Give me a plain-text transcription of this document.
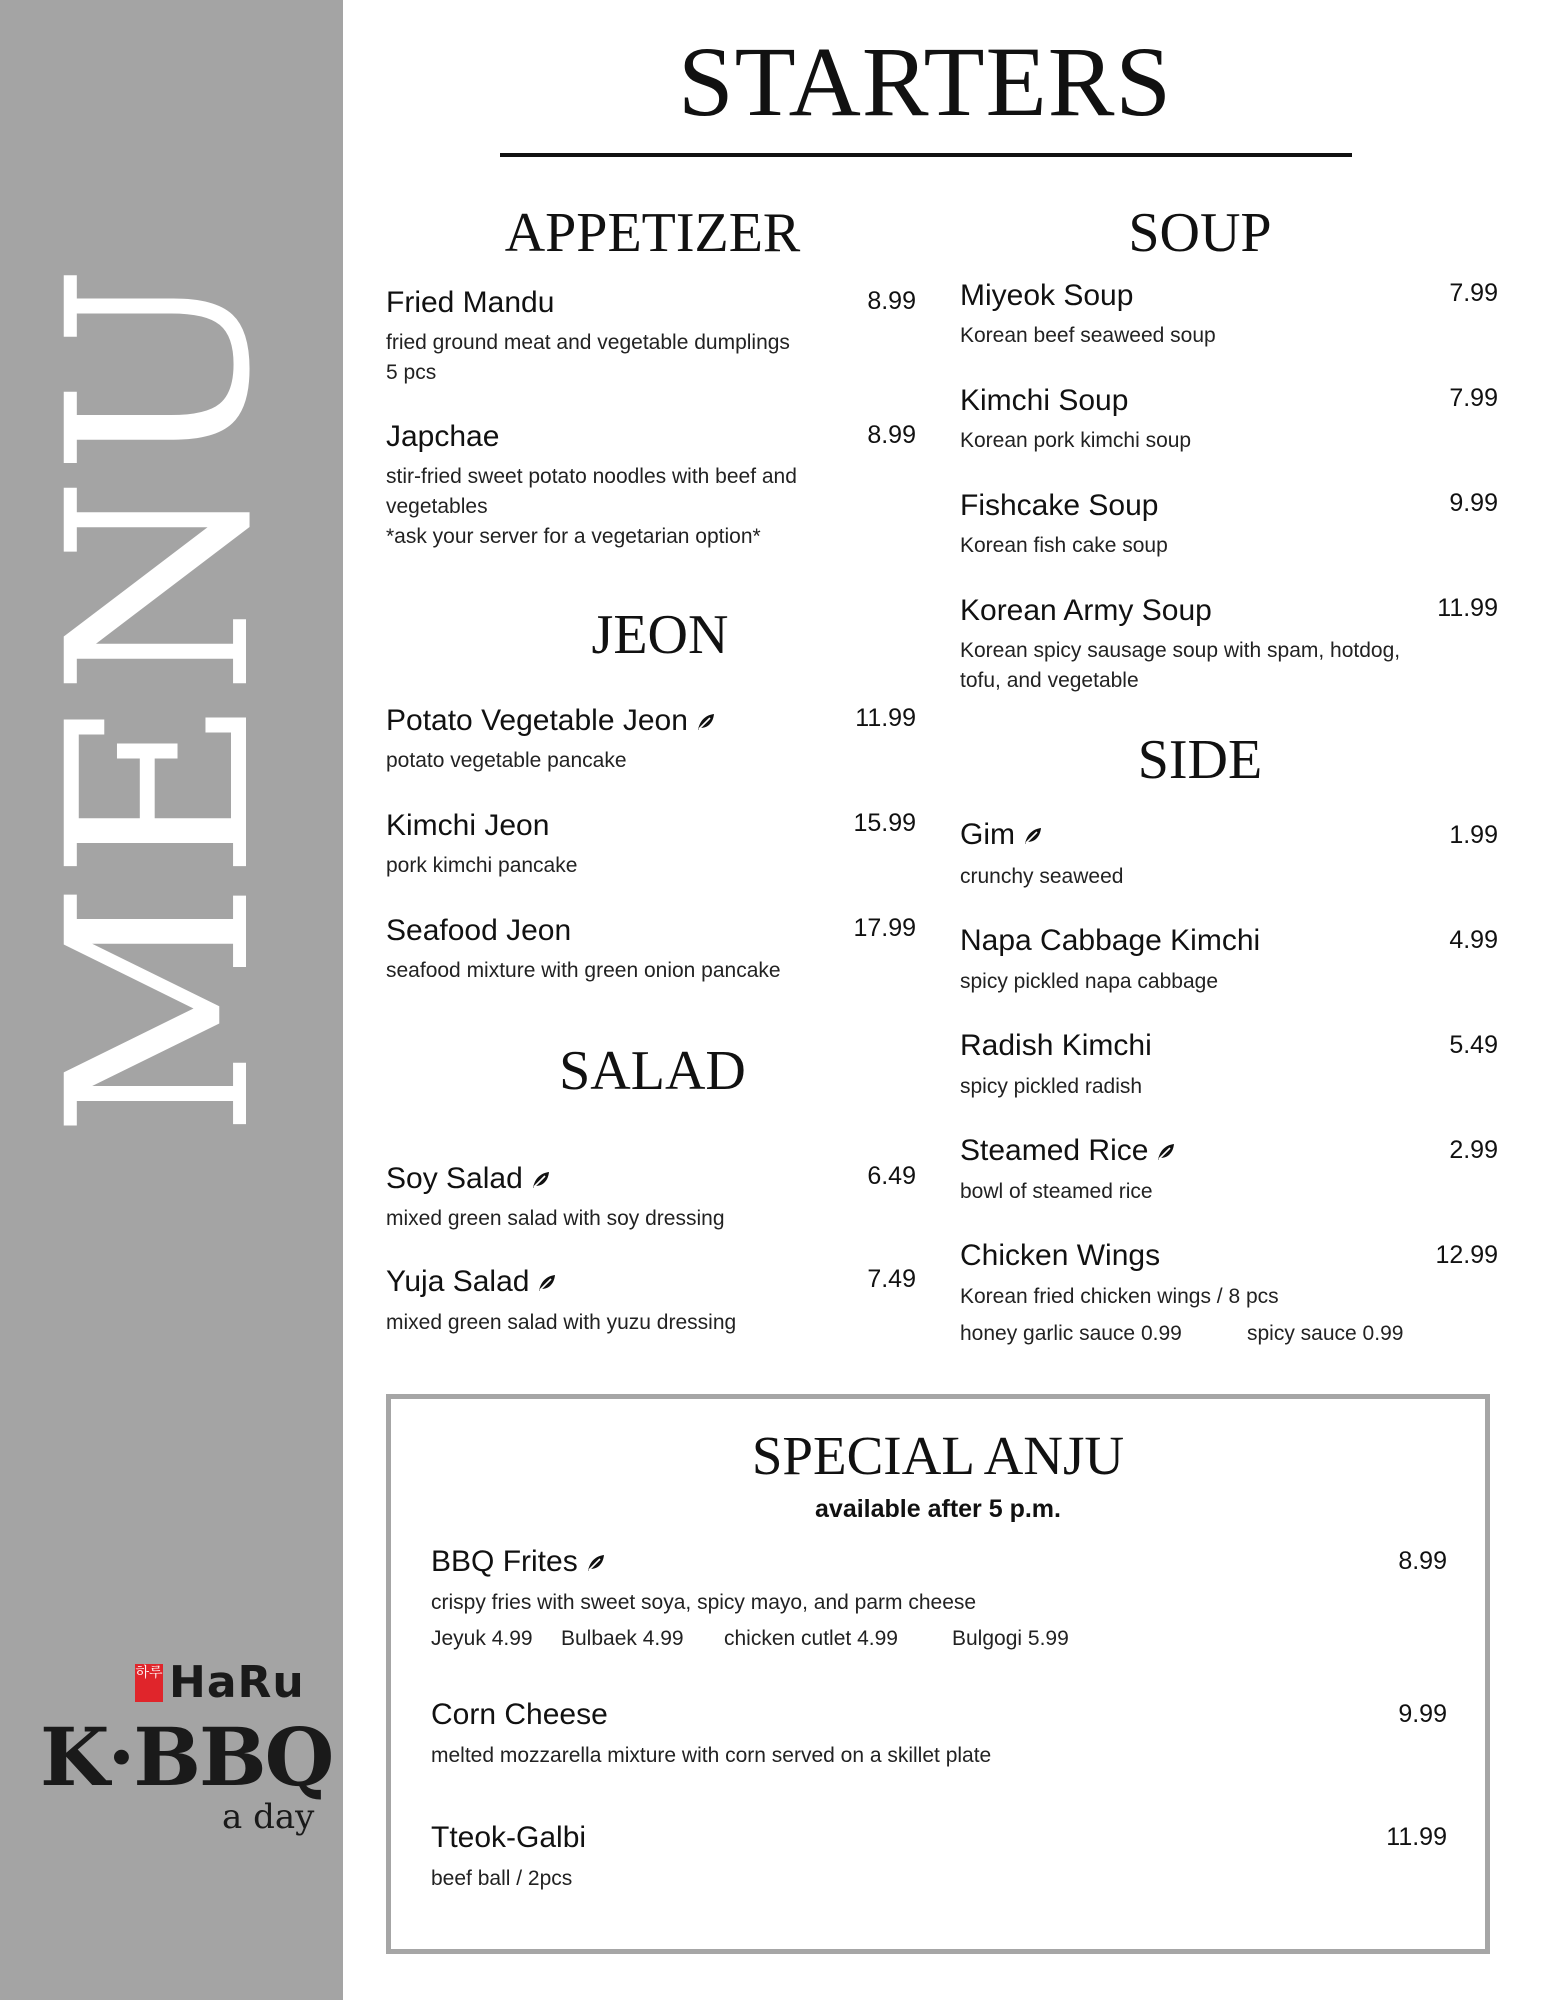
MENU
하루 HaRu
K·BBQ
a day
STARTERS
APPETIZER
Fried Mandu	8.99
fried ground meat and vegetable dumplings
5 pcs
Japchae	8.99
stir-fried sweet potato noodles with beef and
vegetables
*ask your server for a vegetarian option*
JEON
Potato Vegetable Jeon	11.99
potato vegetable pancake
Kimchi Jeon	15.99
pork kimchi pancake
Seafood Jeon	17.99
seafood mixture with green onion pancake
SALAD
Soy Salad	6.49
mixed green salad with soy dressing
Yuja Salad	7.49
mixed green salad with yuzu dressing
SOUP
Miyeok Soup	7.99
Korean beef seaweed soup
Kimchi Soup	7.99
Korean pork kimchi soup
Fishcake Soup	9.99
Korean fish cake soup
Korean Army Soup	11.99
Korean spicy sausage soup with spam, hotdog,
tofu, and vegetable
SIDE
Gim	1.99
crunchy seaweed
Napa Cabbage Kimchi	4.99
spicy pickled napa cabbage
Radish Kimchi	5.49
spicy pickled radish
Steamed Rice	2.99
bowl of steamed rice
Chicken Wings	12.99
Korean fried chicken wings / 8 pcs
honey garlic sauce 0.99	spicy sauce 0.99
SPECIAL ANJU
available after 5 p.m.
BBQ Frites	8.99
crispy fries with sweet soya, spicy mayo, and parm cheese
Jeyuk 4.99 Bulbaek 4.99 chicken cutlet 4.99	Bulgogi 5.99
Corn Cheese	9.99
melted mozzarella mixture with corn served on a skillet plate
Tteok-Galbi	11.99
beef ball / 2pcs
